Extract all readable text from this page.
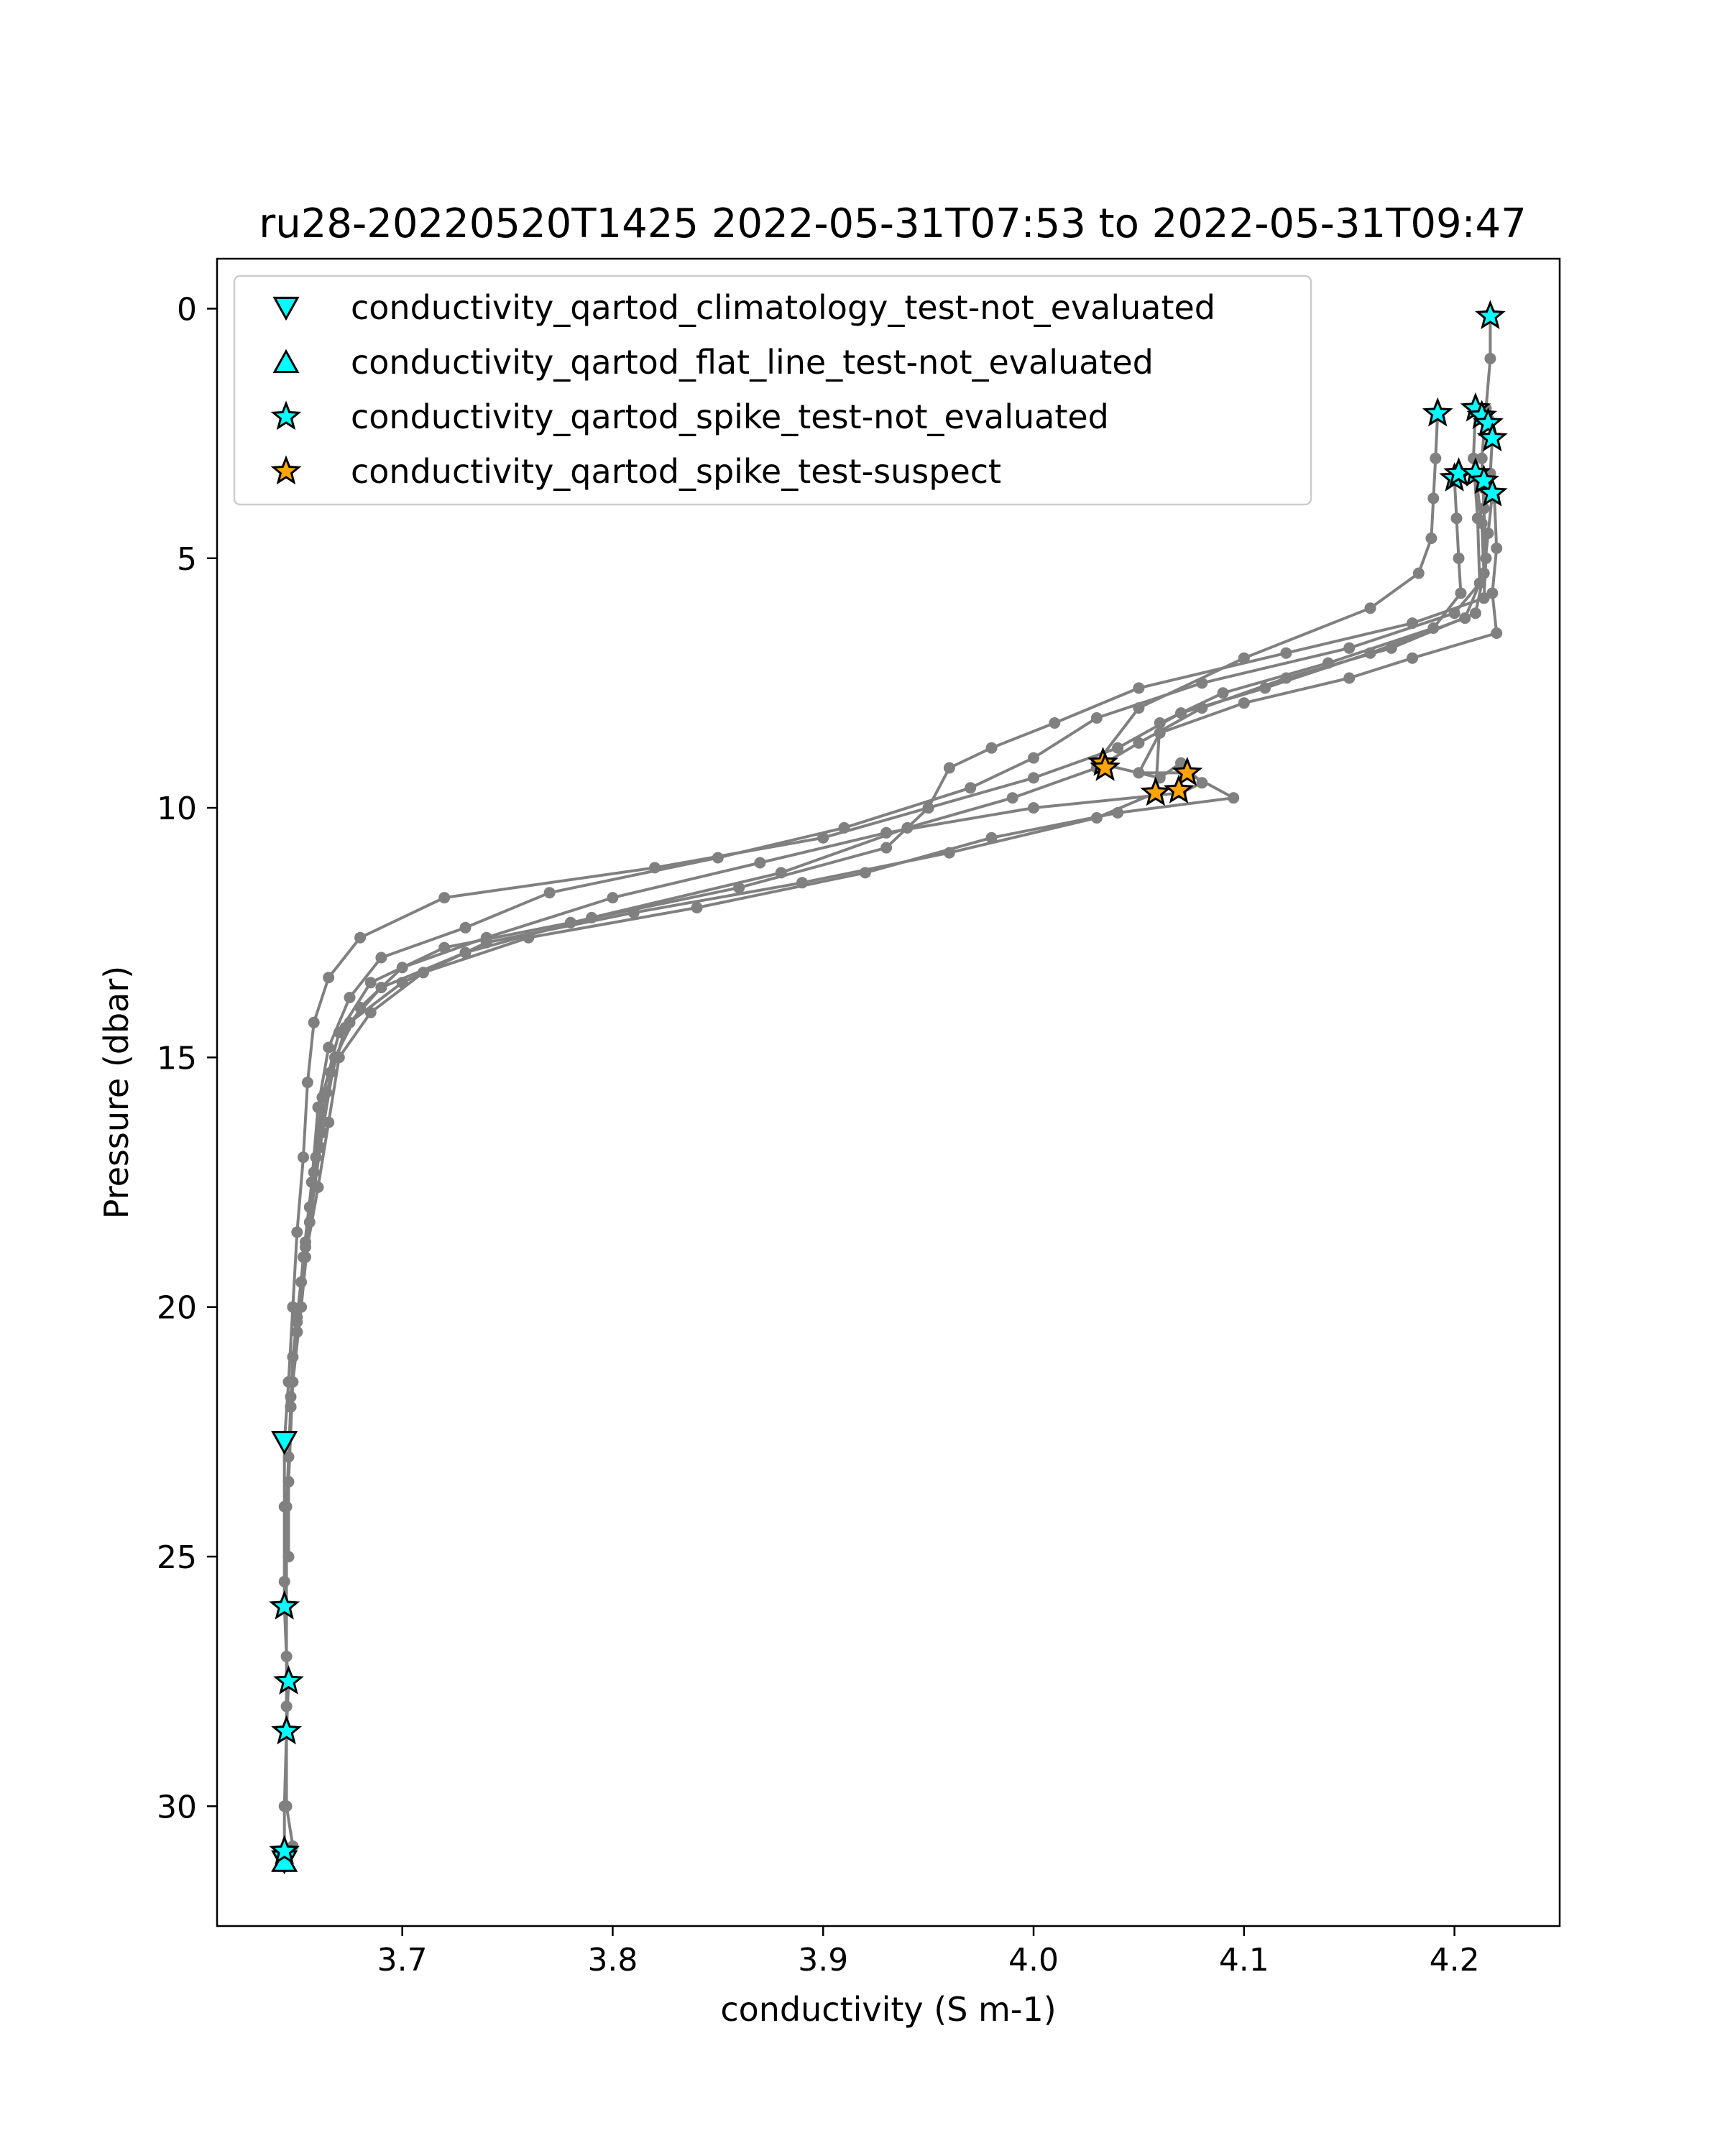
ru28-20220520T1425 2022-05-31T07:53 to 2022-05-31T09:47
3.7	3.8	3.9	4.0	4.1	4.2
0
5
10
15
20
25
30
conductivity (S m-1)
Pressure (dbar)
conductivity_qartod_climatology_test-not_evaluated
conductivity_qartod_flat_line_test-not_evaluated
conductivity_qartod_spike_test-not_evaluated
conductivity_qartod_spike_test-suspect
